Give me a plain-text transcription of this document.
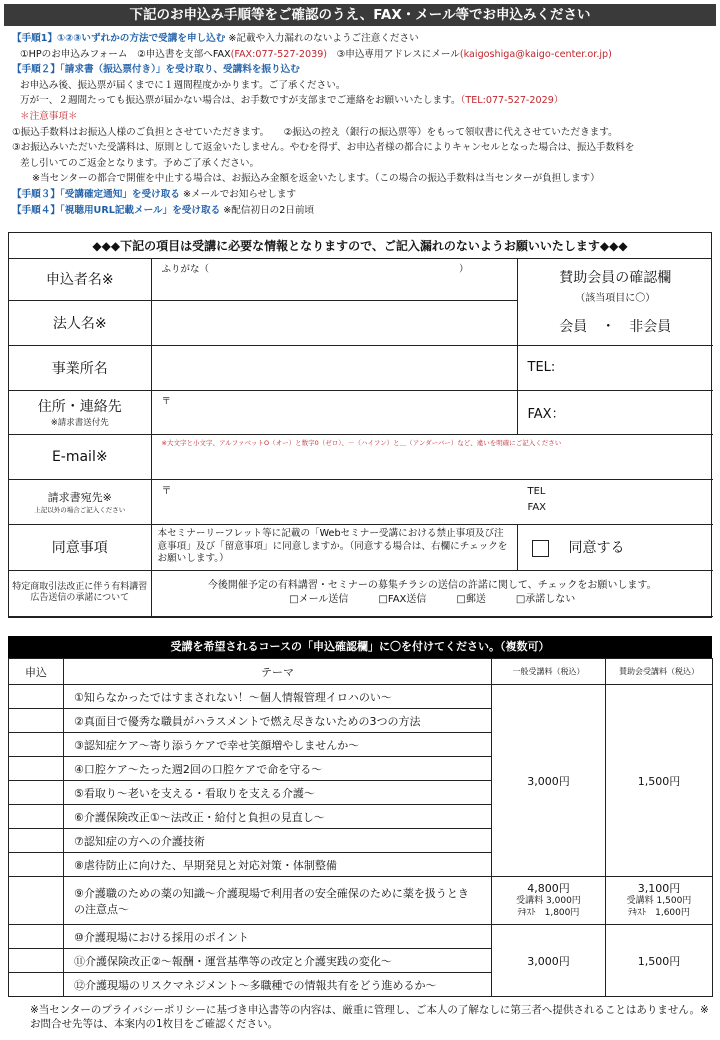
下記のお申込み手順等をご確認のうえ、FAX・メール等でお申込みください
【手順1】①②③いずれかの方法で受講を申し込む ※記載や入力漏れのないようご注意ください
①HPのお申込みフォーム　 ②申込書を支部へFAX(FAX:077-527-2039)　 ③申込専用アドレスにメール(kaigoshiga@kaigo-center.or.jp)
【手順２】「請求書（振込票付き）」を受け取り、受講料を振り込む
お申込み後、振込票が届くまでに１週間程度かかります。ご了承ください。
万が一、２週間たっても振込票が届かない場合は、お手数ですが支部までご連絡をお願いいたします。（TEL:077-527-2029）
＊注意事項＊
①振込手数料はお振込人様のご負担とさせていただきます。　　 ②振込の控え（銀行の振込票等）をもって領収書に代えさせていただきます。
③お振込みいただいた受講料は、原則として返金いたしません。やむを得ず、お申込者様の都合によりキャンセルとなった場合は、振込手数料を
差し引いてのご返金となります。予めご了承ください。
※当センターの都合で開催を中止する場合は、お振込み金額を返金いたします。（この場合の振込手数料は当センターが負担します）
【手順３】「受講確定通知」を受け取る ※メールでお知らせします
【手順４】「視聴用URL記載メール」を受け取る ※配信初日の2日前頃
◆◆◆下記の項目は受講に必要な情報となりますので、ご記入漏れのないようお願いいたします◆◆◆
申込者名※	ふりがな（ ）	賛助会員の確認欄
（該当項目に〇）
会員　・　非会員

法人名※		
事業所名		TEL:
住所・連絡先
※請求書送付先	〒	FAX：
E-mail※	※大文字と小文字、アルファベットO（オー）と数字0（ゼロ）、－（ハイフン）と＿（アンダーバー）など、違いを明確にご記入ください	
請求書宛先※
上記以外の場合ご記入ください	〒 TEL
FAX	

同意事項	本セミナーリーフレット等に記載の「Webセミナー受講における禁止事項及び注意事項」及び「留意事項」に同意しますか。（同意する場合は、右欄にチェックをお願いします。）	同意する
特定商取引法改正に伴う有料講習広告送信の承諾について	今後開催予定の有料講習・セミナーの募集チラシの送信の許諾に関して、チェックをお願いします。
□メール送信　　　□FAX送信　　　□郵送　　　□承諾しない	
受講を希望されるコースの「申込確認欄」に〇を付けてください。（複数可）
申込	テーマ	一般受講料（税込）	賛助会受講料（税込）
	①知らなかったではすまされない！～個人情報管理イロハのい～	3,000円	1,500円
	②真面目で優秀な職員がハラスメントで燃え尽きないための3つの方法		
	③認知症ケア～寄り添うケアで幸せ笑顔増やしませんか～		
	④口腔ケア～たった週2回の口腔ケアで命を守る～		
	⑤看取り～老いを支える・看取りを支える介護～		
	⑥介護保険改正①～法改正・給付と負担の見直し～		
	⑦認知症の方への介護技術		
	⑧虐待防止に向けた、早期発見と対応対策・体制整備		
	⑨介護職のための薬の知識～介護現場で利用者の安全確保のために薬を扱うときの注意点～	4,800円
受講料 3,000円
ﾃｷｽﾄ　1,800円	3,100円
受講料 1,500円
ﾃｷｽﾄ　1,600円

	⑩介護現場における採用のポイント	3,000円	1,500円
	⑪介護保険改正②～報酬・運営基準等の改定と介護実践の変化～		
	⑫介護現場のリスクマネジメント～多職種での情報共有をどう進めるか～		
※当センターのプライバシーポリシーに基づき申込書等の内容は、厳重に管理し、ご本人の了解なしに第三者へ提供されることはありません。※お問合せ先等は、本案内の1枚目をご確認ください。
